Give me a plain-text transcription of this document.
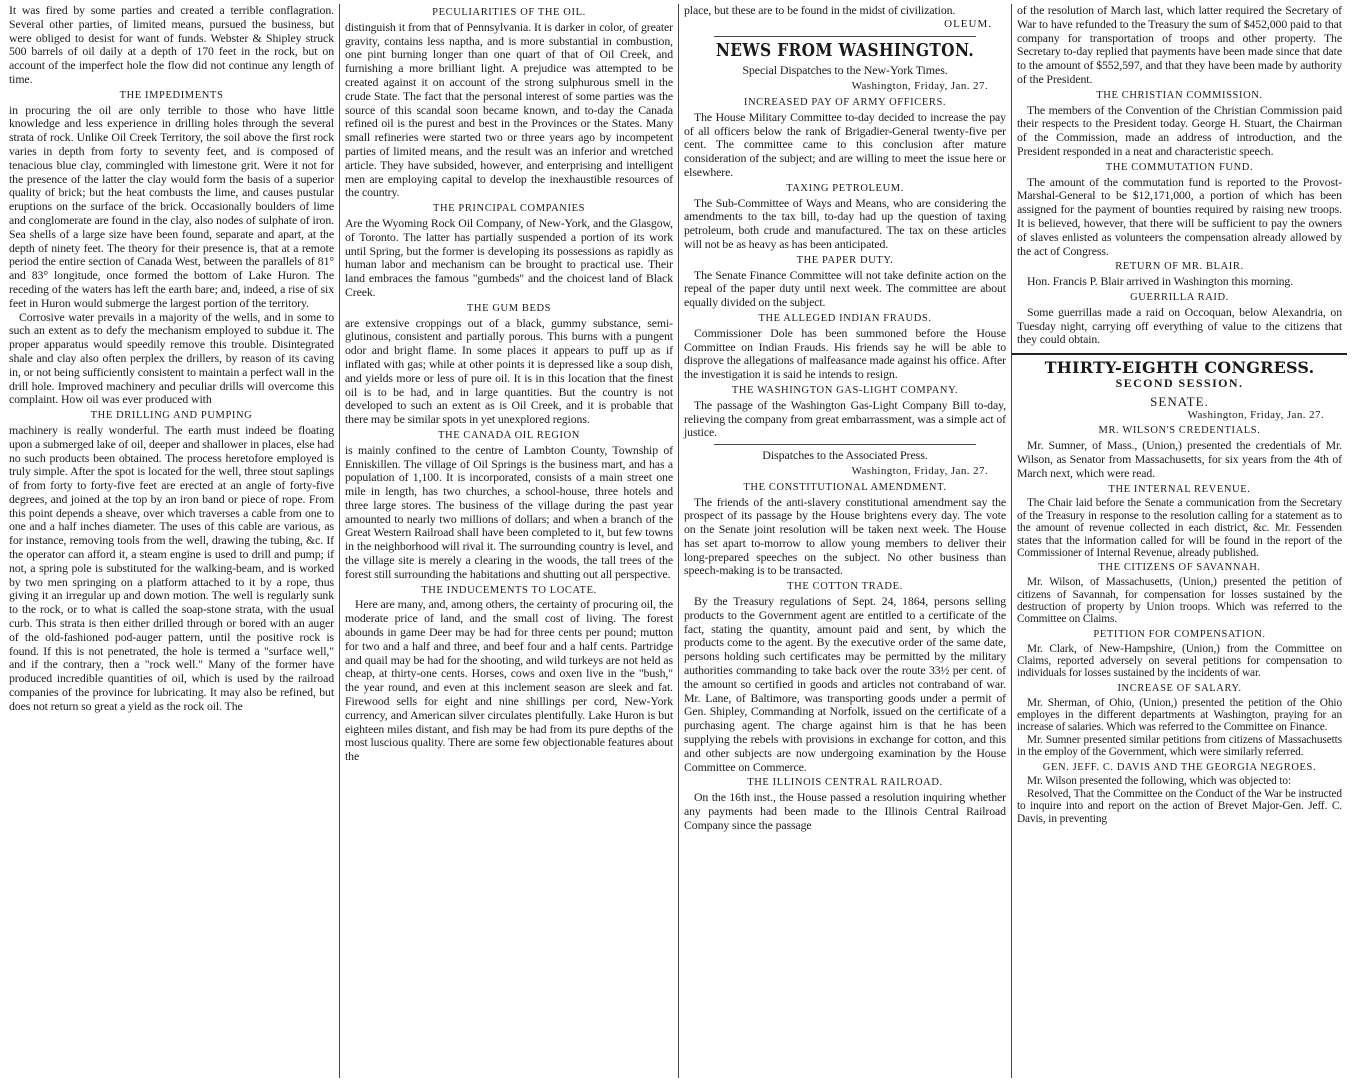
It was fired by some parties and created a terrible conflagration. Several other parties, of limited means, pursued the business, but were obliged to desist for want of funds. Webster & Shipley struck 500 barrels of oil daily at a depth of 170 feet in the rock, but on account of the imperfect hole the flow did not continue any length of time.

THE IMPEDIMENTS

in procuring the oil are only terrible to those who have little knowledge and less experience in drilling holes through the several strata of rock. Unlike Oil Creek Territory, the soil above the first rock varies in depth from forty to seventy feet, and is composed of tenacious blue clay, commingled with limestone grit. Were it not for the presence of the latter the clay would form the basis of a superior quality of brick; but the heat combusts the lime, and causes pustular eruptions on the surface of the brick. Occasionally boulders of lime and conglomerate are found in the clay, also nodes of sulphate of iron. Sea shells of a large size have been found, separate and apart, at the depth of ninety feet. The theory for their presence is, that at a remote period the entire section of Canada West, between the parallels of 81° and 83° longitude, once formed the bottom of Lake Huron. The receding of the waters has left the earth bare; and, indeed, a rise of six feet in Huron would submerge the largest portion of the territory.

Corrosive water prevails in a majority of the wells, and in some to such an extent as to defy the mechanism employed to subdue it. The proper apparatus would speedily remove this trouble. Disintegrated shale and clay also often perplex the drillers, by reason of its caving in, or not being sufficiently consistent to maintain a perfect wall in the drill hole. Improved machinery and peculiar drills will overcome this complaint. How oil was ever produced with

THE DRILLING AND PUMPING

machinery is really wonderful. The earth must indeed be floating upon a submerged lake of oil, deeper and shallower in places, else had no such products been obtained. The process heretofore employed is truly simple. After the spot is located for the well, three stout saplings of from forty to forty-five feet are erected at an angle of forty-five degrees, and joined at the top by an iron band or piece of rope. From this point depends a sheave, over which traverses a cable from one to one and a half inches diameter. The uses of this cable are various, as for instance, removing tools from the well, drawing the tubing, &c. If the operator can afford it, a steam engine is used to drill and pump; if not, a spring pole is substituted for the walking-beam, and is worked by two men springing on a platform attached to it by a rope, thus giving it an irregular up and down motion. The well is regularly sunk to the rock, or to what is called the soap-stone strata, with the usual curb. This strata is then either drilled through or bored with an auger of the old-fashioned pod-auger pattern, until the positive rock is found. If this is not penetrated, the hole is termed a "surface well," and if the contrary, then a "rock well." Many of the former have produced incredible quantities of oil, which is used by the railroad companies of the province for lubricating. It may also be refined, but does not return so great a yield as the rock oil. The

PECULIARITIES OF THE OIL.

distinguish it from that of Pennsylvania. It is darker in color, of greater gravity, contains less naptha, and is more substantial in combustion, one pint burning longer than one quart of that of Oil Creek, and furnishing a more brilliant light. A prejudice was attempted to be created against it on account of the strong sulphurous smell in the crude State. The fact that the personal interest of some parties was the source of this scandal soon became known, and to-day the Canada refined oil is the purest and best in the Provinces or the States. Many small refineries were started two or three years ago by incompetent parties of limited means, and the result was an inferior and wretched article. They have subsided, however, and enterprising and intelligent men are employing capital to develop the inexhaustible resources of the country.

THE PRINCIPAL COMPANIES

Are the Wyoming Rock Oil Company, of New-York, and the Glasgow, of Toronto. The latter has partially suspended a portion of its work until Spring, but the former is developing its possessions as rapidly as human labor and mechanism can be brought to practical use. Their land embraces the famous "gumbeds" and the choicest land of Black Creek.

THE GUM BEDS

are extensive croppings out of a black, gummy substance, semi-glutinous, consistent and partially porous. This burns with a pungent odor and bright flame. In some places it appears to puff up as if inflated with gas; while at other points it is depressed like a soup dish, and yields more or less of pure oil. It is in this location that the finest oil is to be had, and in large quantities. But the country is not developed to such an extent as is Oil Creek, and it is probable that there may be similar spots in yet unexplored regions.

THE CANADA OIL REGION

is mainly confined to the centre of Lambton County, Township of Enniskillen. The village of Oil Springs is the business mart, and has a population of 1,100. It is incorporated, consists of a main street one mile in length, has two churches, a school-house, three hotels and three large stores. The business of the village during the past year amounted to nearly two millions of dollars; and when a branch of the Great Western Railroad shall have been completed to it, but few towns in the neighborhood will rival it. The surrounding country is level, and the village site is merely a clearing in the woods, the tall trees of the forest still surrounding the habitations and shutting out all perspective.

THE INDUCEMENTS TO LOCATE.

Here are many, and, among others, the certainty of procuring oil, the moderate price of land, and the small cost of living. The forest abounds in game Deer may be had for three cents per pound; mutton for two and a half and three, and beef four and a half cents. Partridge and quail may be had for the shooting, and wild turkeys are not held as cheap, at thirty-one cents. Horses, cows and oxen live in the "bush," the year round, and even at this inclement season are sleek and fat. Firewood sells for eight and nine shillings per cord, New-York currency, and American silver circulates plentifully. Lake Huron is but eighteen miles distant, and fish may be had from its pure depths of the most luscious quality. There are some few objectionable features about the

place, but these are to be found in the midst of civilization.

OLEUM.
NEWS FROM WASHINGTON.
Special Dispatches to the New-York Times.
Washington, Friday, Jan. 27.
INCREASED PAY OF ARMY OFFICERS.

The House Military Committee to-day decided to increase the pay of all officers below the rank of Brigadier-General twenty-five per cent. The committee came to this conclusion after mature consideration of the subject; and are willing to meet the issue here or elsewhere.

TAXING PETROLEUM.

The Sub-Committee of Ways and Means, who are considering the amendments to the tax bill, to-day had up the question of taxing petroleum, both crude and manufactured. The tax on these articles will not be as heavy as has been anticipated.

THE PAPER DUTY.

The Senate Finance Committee will not take definite action on the repeal of the paper duty until next week. The committee are about equally divided on the subject.

THE ALLEGED INDIAN FRAUDS.

Commissioner Dole has been summoned before the House Committee on Indian Frauds. His friends say he will be able to disprove the allegations of malfeasance made against his office. After the investigation it is said he intends to resign.

THE WASHINGTON GAS-LIGHT COMPANY.

The passage of the Washington Gas-Light Company Bill to-day, relieving the company from great embarrassment, was a simple act of justice.

Dispatches to the Associated Press.
Washington, Friday, Jan. 27.
THE CONSTITUTIONAL AMENDMENT.

The friends of the anti-slavery constitutional amendment say the prospect of its passage by the House brightens every day. The vote on the Senate joint resolution will be taken next week. The House has set apart to-morrow to allow young members to deliver their long-prepared speeches on the subject. No other business than speech-making is to be transacted.

THE COTTON TRADE.

By the Treasury regulations of Sept. 24, 1864, persons selling products to the Government agent are entitled to a certificate of the fact, stating the quantity, amount paid and sent, by which the products come to the agent. By the executive order of the same date, persons holding such certificates may be permitted by the military authorities commanding to take back over the route 33½ per cent. of the amount so certified in goods and articles not contraband of war. Mr. Lane, of Baltimore, was transporting goods under a permit of Gen. Shipley, Commanding at Norfolk, issued on the certificate of a purchasing agent. The charge against him is that he has been supplying the rebels with provisions in exchange for cotton, and this and other subjects are now undergoing examination by the House Committee on Commerce.

THE ILLINOIS CENTRAL RAILROAD.

On the 16th inst., the House passed a resolution inquiring whether any payments had been made to the Illinois Central Railroad Company since the passage

of the resolution of March last, which latter required the Secretary of War to have refunded to the Treasury the sum of $452,000 paid to that company for transportation of troops and other property. The Secretary to-day replied that payments have been made since that date to the amount of $552,597, and that they have been made by authority of the President.

THE CHRISTIAN COMMISSION.

The members of the Convention of the Christian Commission paid their respects to the President today. George H. Stuart, the Chairman of the Commission, made an address of introduction, and the President responded in a neat and characteristic speech.

THE COMMUTATION FUND.

The amount of the commutation fund is reported to the Provost-Marshal-General to be $12,171,000, a portion of which has been assigned for the payment of bounties required by raising new troops. It is believed, however, that there will be sufficient to pay the owners of slaves enlisted as volunteers the compensation already allowed by the act of Congress.

RETURN OF MR. BLAIR.

Hon. Francis P. Blair arrived in Washington this morning.

GUERRILLA RAID.

Some guerrillas made a raid on Occoquan, below Alexandria, on Tuesday night, carrying off everything of value to the citizens that they could obtain.

THIRTY-EIGHTH CONGRESS.
SECOND SESSION.
SENATE.
Washington, Friday, Jan. 27.
MR. WILSON'S CREDENTIALS.

Mr. Sumner, of Mass., (Union,) presented the credentials of Mr. Wilson, as Senator from Massachusetts, for six years from the 4th of March next, which were read.

THE INTERNAL REVENUE.

The Chair laid before the Senate a communication from the Secretary of the Treasury in response to the resolution calling for a statement as to the amount of revenue collected in each district, &c. Mr. Fessenden states that the information called for will be found in the report of the Commissioner of Internal Revenue, already published.

THE CITIZENS OF SAVANNAH.

Mr. Wilson, of Massachusetts, (Union,) presented the petition of citizens of Savannah, for compensation for losses sustained by the destruction of property by Union troops. Which was referred to the Committee on Claims.

PETITION FOR COMPENSATION.

Mr. Clark, of New-Hampshire, (Union,) from the Committee on Claims, reported adversely on several petitions for compensation to individuals for losses sustained by the incidents of war.

INCREASE OF SALARY.

Mr. Sherman, of Ohio, (Union,) presented the petition of the Ohio employes in the different departments at Washington, praying for an increase of salaries. Which was referred to the Committee on Finance.

Mr. Sumner presented similar petitions from citizens of Massachusetts in the employ of the Government, which were similarly referred.

GEN. JEFF. C. DAVIS AND THE GEORGIA NEGROES.

Mr. Wilson presented the following, which was objected to:

Resolved, That the Committee on the Conduct of the War be instructed to inquire into and report on the action of Brevet Major-Gen. Jeff. C. Davis, in preventing
